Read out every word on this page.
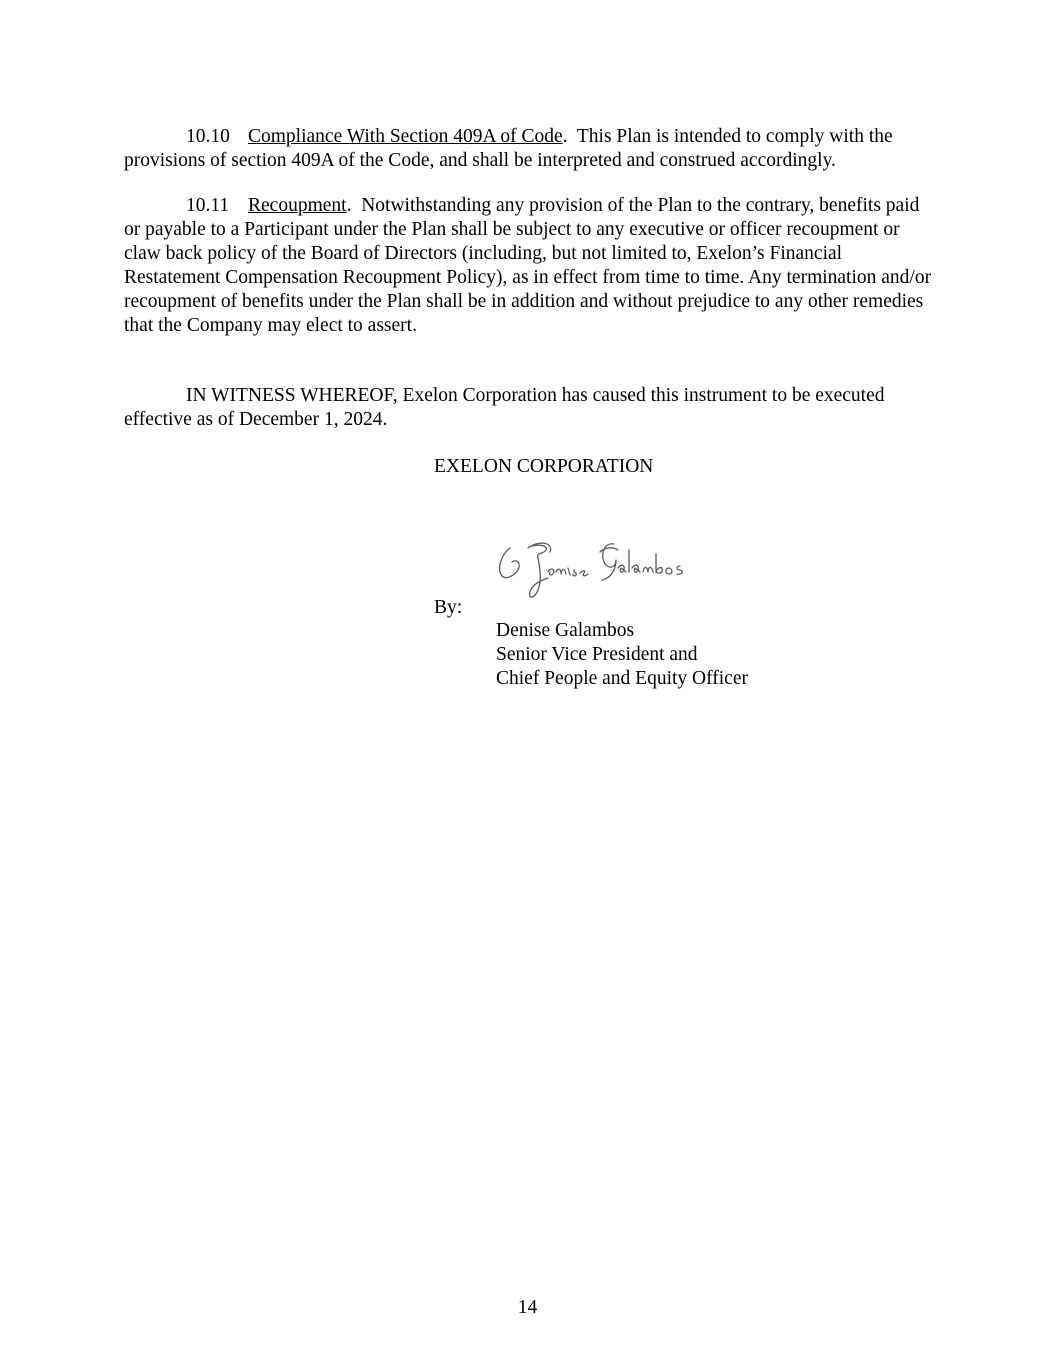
10.10 Compliance With Section 409A of Code. This Plan is intended to comply with the provisions of section 409A of the Code, and shall be interpreted and construed accordingly.

10.11 Recoupment. Notwithstanding any provision of the Plan to the contrary, benefits paid or payable to a Participant under the Plan shall be subject to any executive or officer recoupment or claw back policy of the Board of Directors (including, but not limited to, Exelon’s Financial Restatement Compensation Recoupment Policy), as in effect from time to time. Any termination and/or recoupment of benefits under the Plan shall be in addition and without prejudice to any other remedies that the Company may elect to assert.

IN WITNESS WHEREOF, Exelon Corporation has caused this instrument to be executed effective as of December 1, 2024.

EXELON CORPORATION
By:
Denise Galambos
Senior Vice President and
Chief People and Equity Officer
14
